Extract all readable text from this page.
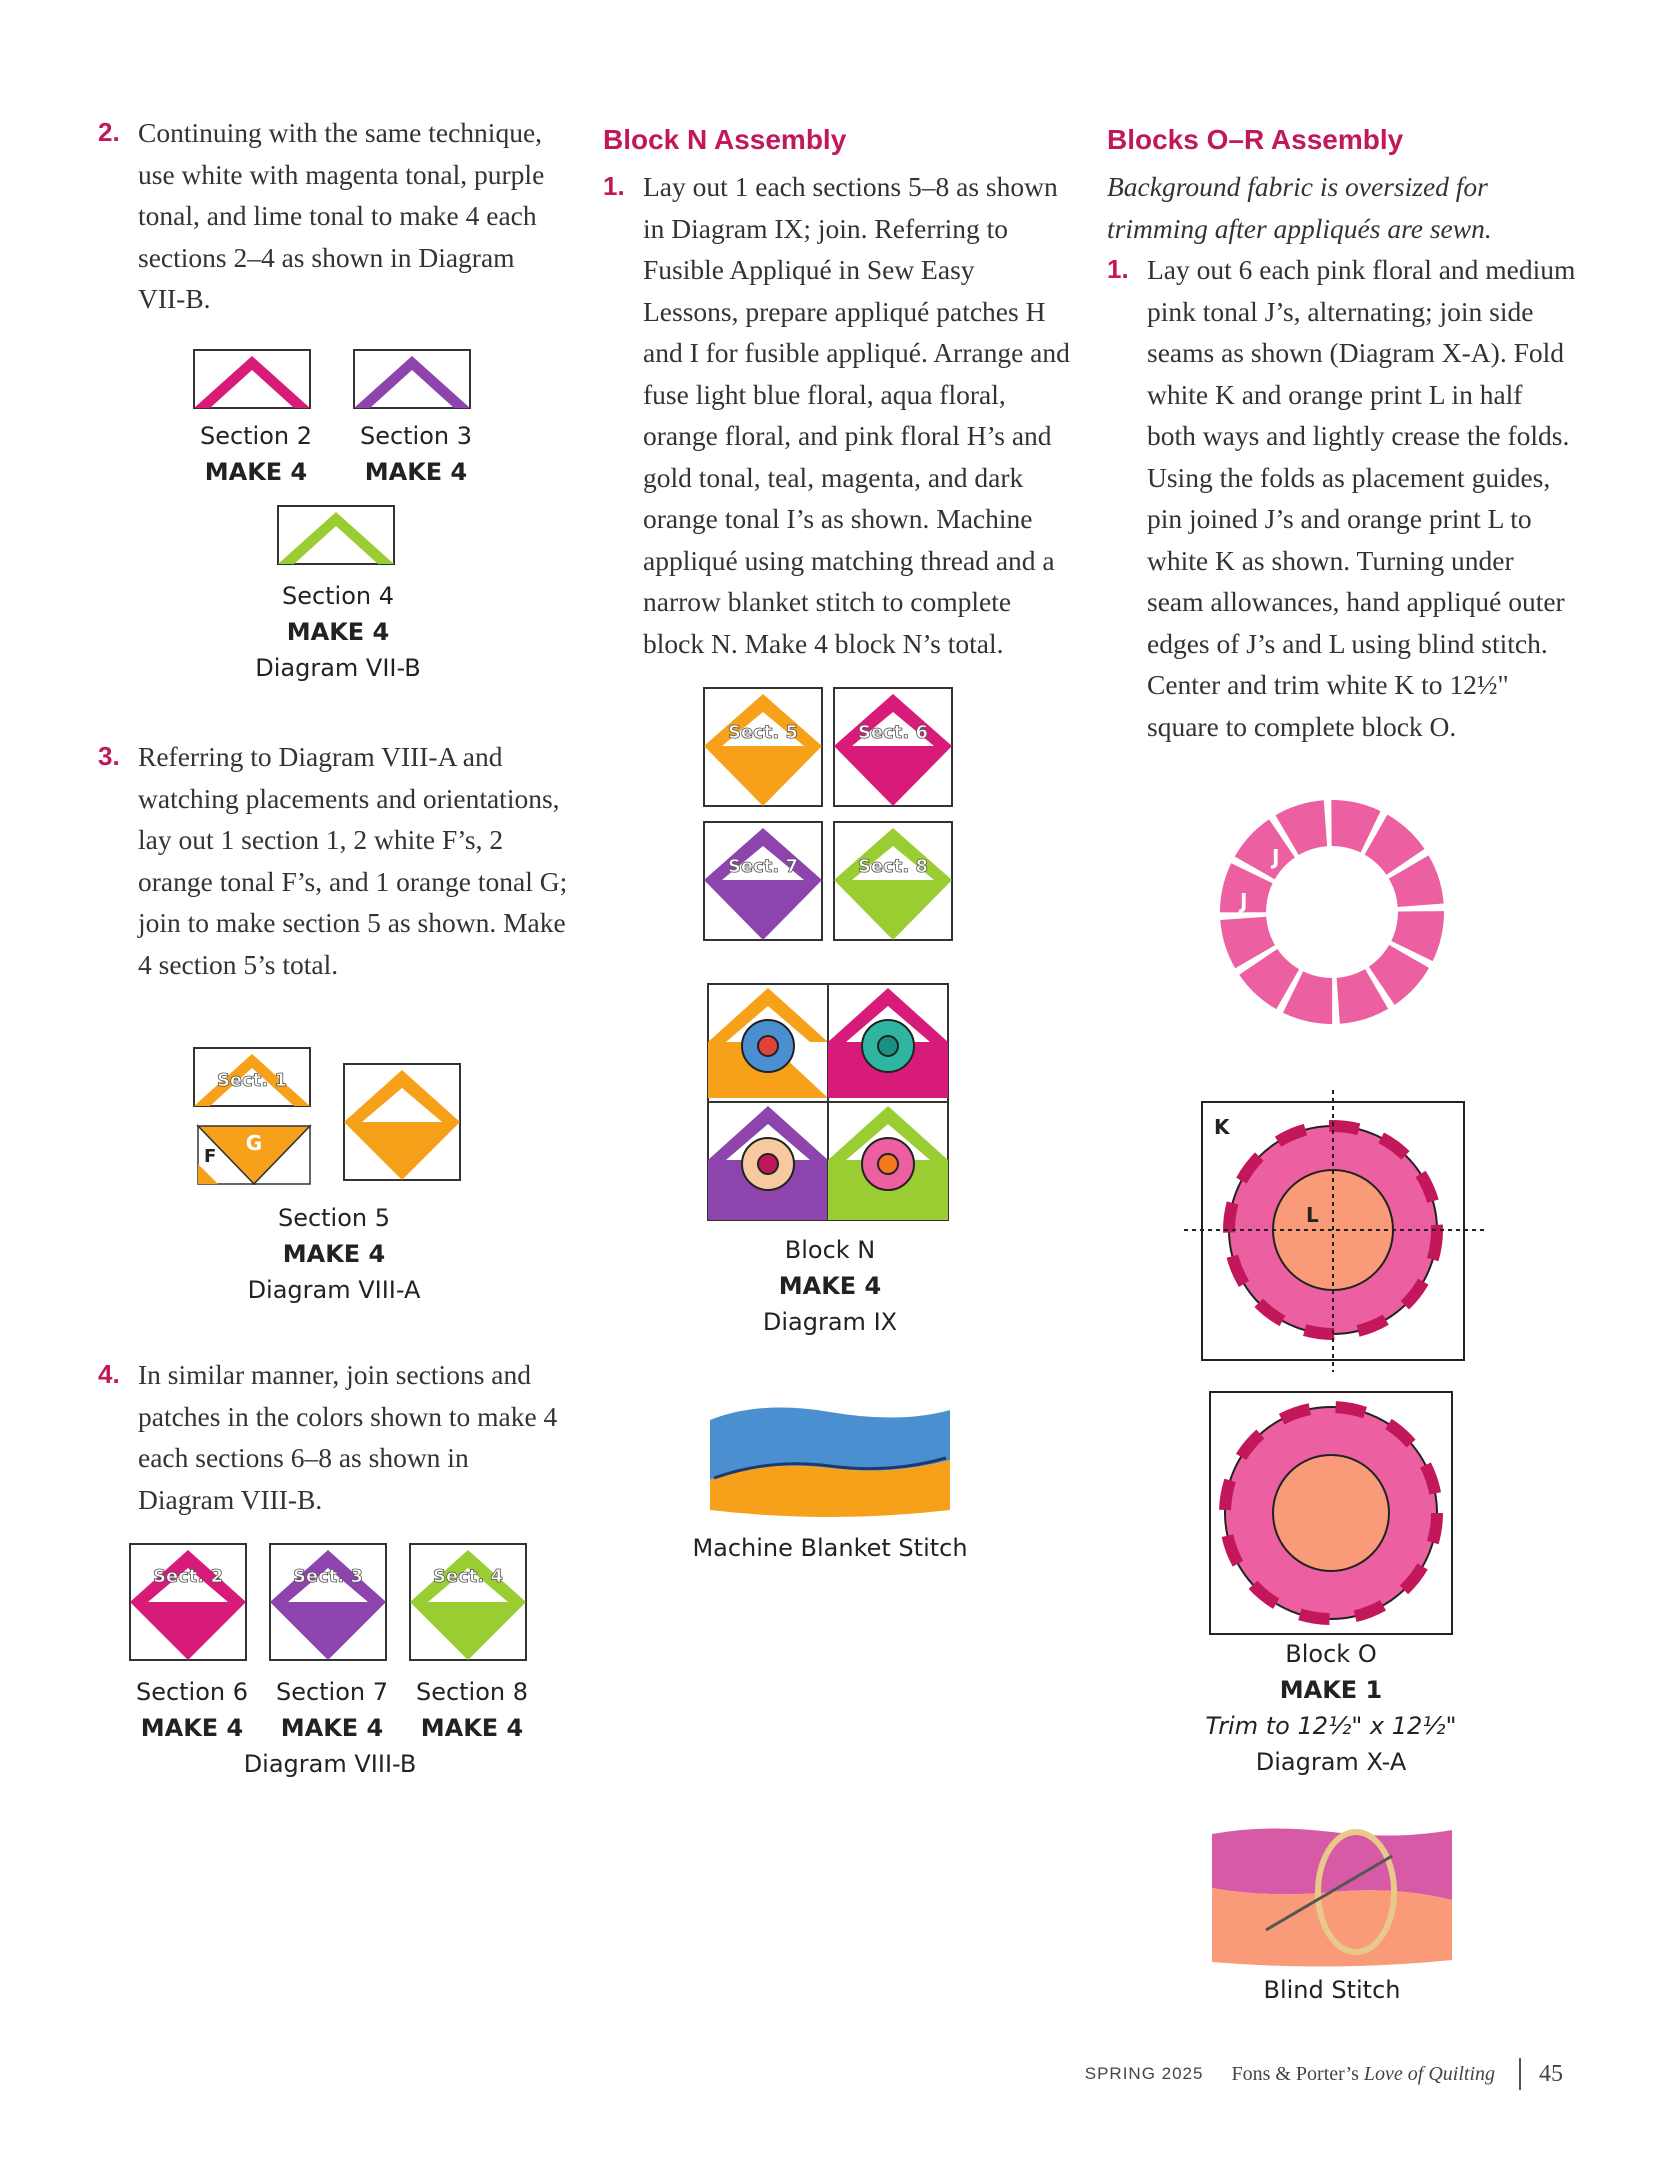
2. Continuing with the same technique, use white with magenta tonal, purple tonal, and lime tonal to make 4 each sections 2–4 as shown in Diagram VII-B.

Section 2
MAKE 4
Section 3
MAKE 4
Section 4
MAKE 4
Diagram VII-B

3. Referring to Diagram VIII-A and watching placements and orientations, lay out 1 section 1, 2 white F’s, 2 orange tonal F’s, and 1 orange tonal G; join to make section 5 as shown. Make 4 section 5’s total.

Sect. 1
G
F
Section 5
MAKE 4
Diagram VIII-A

4. In similar manner, join sections and patches in the colors shown to make 4 each sections 6–8 as shown in Diagram VIII-B.

Sect. 2	Sect. 3	Sect. 4
Section 6
MAKE 4
Section 7
MAKE 4
Section 8
MAKE 4
Diagram VIII-B
Block N Assembly

1. Lay out 1 each sections 5–8 as shown in Diagram IX; join. Referring to Fusible Appliqué in Sew Easy Lessons, prepare appliqué patches H and I for fusible appliqué. Arrange and fuse light blue floral, aqua floral, orange floral, and pink floral H’s and gold tonal, teal, magenta, and dark orange tonal I’s as shown. Machine appliqué using matching thread and a narrow blanket stitch to complete block N. Make 4 block N’s total.

Sect. 5	Sect. 6
Sect. 7	Sect. 8
Block N
MAKE 4
Diagram IX
Machine Blanket Stitch
Blocks O–R Assembly

Background fabric is oversized for trimming after appliqués are sewn.

1. Lay out 6 each pink floral and medium pink tonal J’s, alternating; join side seams as shown (Diagram X-A). Fold white K and orange print L in half both ways and lightly crease the folds. Using the folds as placement guides, pin joined J’s and orange print L to white K as shown. Turning under seam allowances, hand appliqué outer edges of J’s and L using blind stitch. Center and trim white K to 12½" square to complete block O.

J
J
K
L
Block O
MAKE 1
Trim to 12½" x 12½"
Diagram X-A
Blind Stitch
SPRING 2025 Fons & Porter’s
Love of Quilting 45
